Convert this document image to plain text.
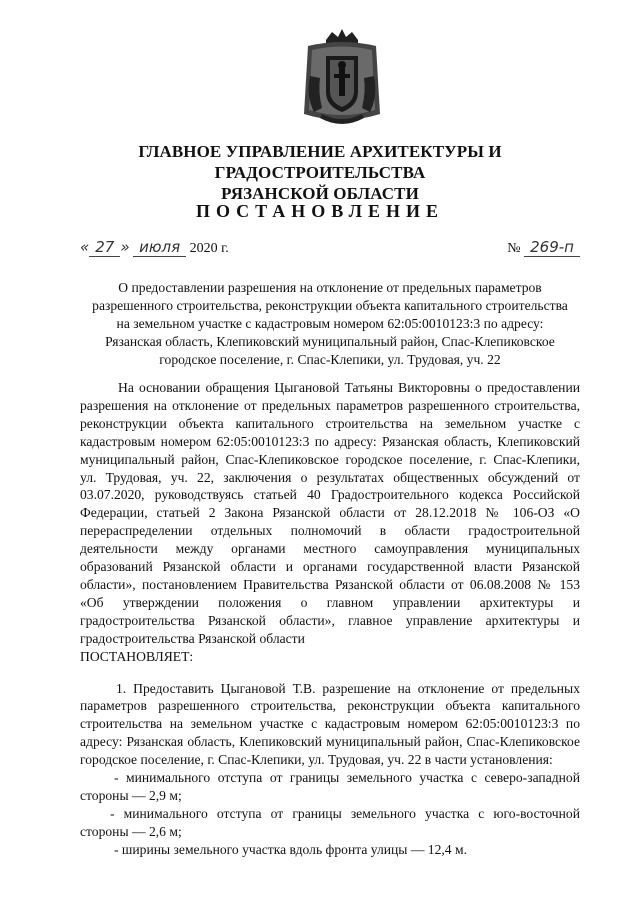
ГЛАВНОЕ УПРАВЛЕНИЕ АРХИТЕКТУРЫ И ГРАДОСТРОИТЕЛЬСТВА
РЯЗАНСКОЙ ОБЛАСТИ
ПОСТАНОВЛЕНИЕ
« 27 » июля 2020 г.	№ 269-п
О предоставлении разрешения на отклонение от предельных параметров
разрешенного строительства, реконструкции объекта капитального строительства
на земельном участке с кадастровым номером 62:05:0010123:3 по адресу:
Рязанская область, Клепиковский муниципальный район, Спас-Клепиковское
городское поселение, г. Спас-Клепики, ул. Трудовая, уч. 22

На основании обращения Цыгановой Татьяны Викторовны о предоставлении разрешения на отклонение от предельных параметров разрешенного строительства, реконструкции объекта капитального строительства на земельном участке с кадастровым номером 62:05:0010123:3 по адресу: Рязанская область, Клепиковский муниципальный район, Спас-Клепиковское городское поселение, г. Спас-Клепики, ул. Трудовая, уч. 22, заключения о результатах общественных обсуждений от 03.07.2020, руководствуясь статьей 40 Градостроительного кодекса Российской Федерации, статьей 2 Закона Рязанской области от 28.12.2018 № 106-ОЗ «О перераспределении отдельных полномочий в области градостроительной деятельности между органами местного самоуправления муниципальных образований Рязанской области и органами государственной власти Рязанской области», постановлением Правительства Рязанской области от 06.08.2008 № 153 «Об утверждении положения о главном управлении архитектуры и градостроительства Рязанской области», главное управление архитектуры и градостроительства Рязанской области

ПОСТАНОВЛЯЕТ:

1. Предоставить Цыгановой Т.В. разрешение на отклонение от предельных параметров разрешенного строительства, реконструкции объекта капитального строительства на земельном участке с кадастровым номером 62:05:0010123:3 по адресу: Рязанская область, Клепиковский муниципальный район, Спас-Клепиковское городское поселение, г. Спас-Клепики, ул. Трудовая, уч. 22 в части установления:

- минимального отступа от границы земельного участка с северо-западной стороны — 2,9 м;

- минимального отступа от границы земельного участка с юго-восточной стороны — 2,6 м;

- ширины земельного участка вдоль фронта улицы — 12,4 м.
